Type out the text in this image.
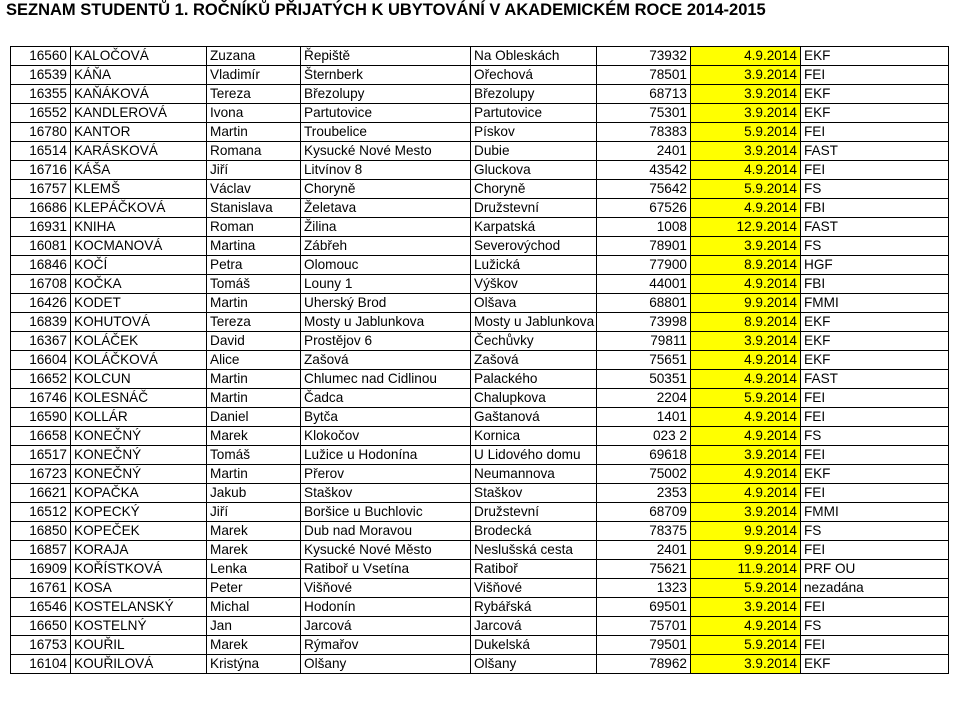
SEZNAM STUDENTŮ 1. ROČNÍKŮ PŘIJATÝCH K UBYTOVÁNÍ V AKADEMICKÉM ROCE 2014-2015
16560	KALOČOVÁ	Zuzana	Řepiště	Na Obleskách	73932	4.9.2014	EKF
16539	KÁŇA	Vladimír	Šternberk	Ořechová	78501	3.9.2014	FEI
16355	KAŇÁKOVÁ	Tereza	Březolupy	Březolupy	68713	3.9.2014	EKF
16552	KANDLEROVÁ	Ivona	Partutovice	Partutovice	75301	3.9.2014	EKF
16780	KANTOR	Martin	Troubelice	Pískov	78383	5.9.2014	FEI
16514	KARÁSKOVÁ	Romana	Kysucké Nové Mesto	Dubie	2401	3.9.2014	FAST
16716	KÁŠA	Jiří	Litvínov 8	Gluckova	43542	4.9.2014	FEI
16757	KLEMŠ	Václav	Choryně	Choryně	75642	5.9.2014	FS
16686	KLEPÁČKOVÁ	Stanislava	Želetava	Družstevní	67526	4.9.2014	FBI
16931	KNIHA	Roman	Žilina	Karpatská	1008	12.9.2014	FAST
16081	KOCMANOVÁ	Martina	Zábřeh	Severovýchod	78901	3.9.2014	FS
16846	KOČÍ	Petra	Olomouc	Lužická	77900	8.9.2014	HGF
16708	KOČKA	Tomáš	Louny 1	Výškov	44001	4.9.2014	FBI
16426	KODET	Martin	Uherský Brod	Olšava	68801	9.9.2014	FMMI
16839	KOHUTOVÁ	Tereza	Mosty u Jablunkova	Mosty u Jablunkova	73998	8.9.2014	EKF
16367	KOLÁČEK	David	Prostějov 6	Čechůvky	79811	3.9.2014	EKF
16604	KOLÁČKOVÁ	Alice	Zašová	Zašová	75651	4.9.2014	EKF
16652	KOLCUN	Martin	Chlumec nad Cidlinou	Palackého	50351	4.9.2014	FAST
16746	KOLESNÁČ	Martin	Čadca	Chalupkova	2204	5.9.2014	FEI
16590	KOLLÁR	Daniel	Bytča	Gaštanová	1401	4.9.2014	FEI
16658	KONEČNÝ	Marek	Klokočov	Kornica	023 2	4.9.2014	FS
16517	KONEČNÝ	Tomáš	Lužice u Hodonína	U Lidového domu	69618	3.9.2014	FEI
16723	KONEČNÝ	Martin	Přerov	Neumannova	75002	4.9.2014	EKF
16621	KOPAČKA	Jakub	Staškov	Staškov	2353	4.9.2014	FEI
16512	KOPECKÝ	Jiří	Boršice u Buchlovic	Družstevní	68709	3.9.2014	FMMI
16850	KOPEČEK	Marek	Dub nad Moravou	Brodecká	78375	9.9.2014	FS
16857	KORAJA	Marek	Kysucké Nové Město	Neslušská cesta	2401	9.9.2014	FEI
16909	KOŘÍSTKOVÁ	Lenka	Ratiboř u Vsetína	Ratiboř	75621	11.9.2014	PRF OU
16761	KOSA	Peter	Višňové	Višňové	1323	5.9.2014	nezadána
16546	KOSTELANSKÝ	Michal	Hodonín	Rybářská	69501	3.9.2014	FEI
16650	KOSTELNÝ	Jan	Jarcová	Jarcová	75701	4.9.2014	FS
16753	KOUŘIL	Marek	Rýmařov	Dukelská	79501	5.9.2014	FEI
16104	KOUŘILOVÁ	Kristýna	Olšany	Olšany	78962	3.9.2014	EKF
